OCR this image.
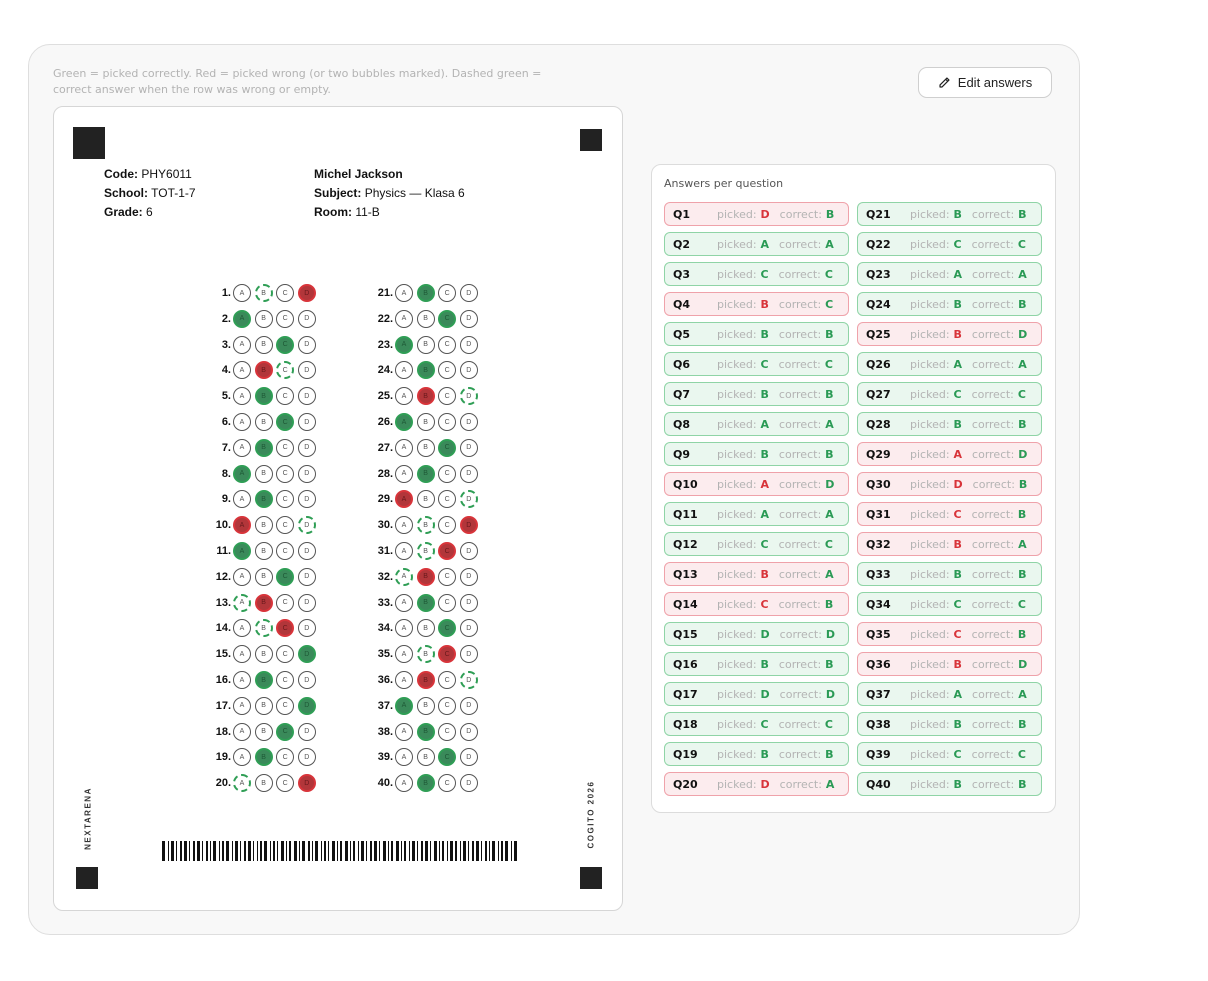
Green = picked correctly. Red = picked wrong (or two bubbles marked). Dashed green = correct answer when the row was wrong or empty.	Edit answers
Code: PHY6011
School: TOT-1-7
Grade: 6
Michel Jackson
Subject: Physics — Klasa 6
Room: 11-B
1.	A	B	C	D
2.	A	B	C	D
3.	A	B	C	D
4.	A	B	C	D
5.	A	B	C	D
6.	A	B	C	D
7.	A	B	C	D
8.	A	B	C	D
9.	A	B	C	D
10.	A	B	C	D
11.	A	B	C	D
12.	A	B	C	D
13.	A	B	C	D
14.	A	B	C	D
15.	A	B	C	D
16.	A	B	C	D
17.	A	B	C	D
18.	A	B	C	D
19.	A	B	C	D
20.	A	B	C	D
21.	A	B	C	D
22.	A	B	C	D
23.	A	B	C	D
24.	A	B	C	D
25.	A	B	C	D
26.	A	B	C	D
27.	A	B	C	D
28.	A	B	C	D
29.	A	B	C	D
30.	A	B	C	D
31.	A	B	C	D
32.	A	B	C	D
33.	A	B	C	D
34.	A	B	C	D
35.	A	B	C	D
36.	A	B	C	D
37.	A	B	C	D
38.	A	B	C	D
39.	A	B	C	D
40.	A	B	C	D
NEXTARENA	COGITO 2026
Answers per question
Q1	picked: D correct: B
Q2	picked: A correct: A
Q3	picked: C correct: C
Q4	picked: B correct: C
Q5	picked: B correct: B
Q6	picked: C correct: C
Q7	picked: B correct: B
Q8	picked: A correct: A
Q9	picked: B correct: B
Q10	picked: A correct: D
Q11	picked: A correct: A
Q12	picked: C correct: C
Q13	picked: B correct: A
Q14	picked: C correct: B
Q15	picked: D correct: D
Q16	picked: B correct: B
Q17	picked: D correct: D
Q18	picked: C correct: C
Q19	picked: B correct: B
Q20	picked: D correct: A
Q21	picked: B correct: B
Q22	picked: C correct: C
Q23	picked: A correct: A
Q24	picked: B correct: B
Q25	picked: B correct: D
Q26	picked: A correct: A
Q27	picked: C correct: C
Q28	picked: B correct: B
Q29	picked: A correct: D
Q30	picked: D correct: B
Q31	picked: C correct: B
Q32	picked: B correct: A
Q33	picked: B correct: B
Q34	picked: C correct: C
Q35	picked: C correct: B
Q36	picked: B correct: D
Q37	picked: A correct: A
Q38	picked: B correct: B
Q39	picked: C correct: C
Q40	picked: B correct: B
